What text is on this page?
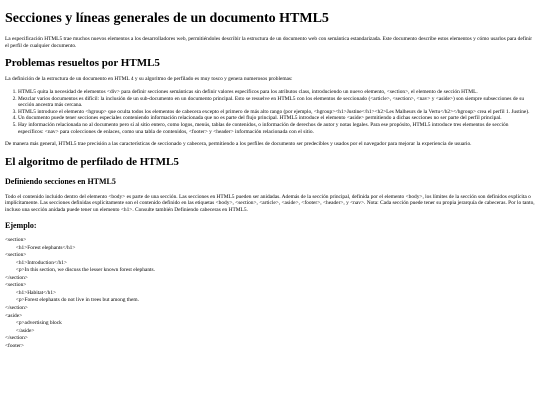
Secciones y líneas generales de un documento HTML5

La especificación HTML5 trae muchos nuevos elementos a los desarrolladores web, permitiéndoles describir la estructura de un documento web con semántica estandarizada. Este documento describe estos elementos y cómo usarlos para definir el perfil de cualquier documento.

Problemas resueltos por HTML5

La definición de la estructura de un documento en HTML 4 y su algoritmo de perfilado es muy tosco y genera numerosos problemas:

1. HTML5 quita la necesidad de elementos <div> para definir secciones semánticas sin definir valores específicos para los atributos class, introduciendo un nuevo elemento, <section>, el elemento de sección HTML.
2. Mezclar varios documentos es difícil: la inclusión de un sub-documento en un documento principal. Esto se resuelve en HTML5 con los elementos de seccionado (<article>, <section>, <nav> y <aside>) son siempre subsecciones de su sección ancestra más cercana.
3. HTML5 introduce el elemento <hgroup> que oculta todos los elementos de cabecera excepto el primero de más alto rango (por ejemplo, <hgroup><h1>Justine</h1><h2>Les Malheurs de la Vertu</h2></hgroup> crea el perfil 1. Justine).
4. Un documento puede tener secciones especiales conteniendo información relacionada que no es parte del flujo principal. HTML5 introduce el elemento <aside> permitiendo a dichas secciones no ser parte del perfil principal.
5. Hay información relacionada no al documento pero sí al sitio entero, como logos, menús, tablas de contenidos, o información de derechos de autor y notas legales. Para ese propósito, HTML5 introduce tres elementos de sección específicos: <nav> para colecciones de enlaces, como una tabla de contenidos, <footer> y <header> información relacionada con el sitio.

De manera más general, HTML5 trae precisión a las características de seccionado y cabecera, permitiendo a los perfiles de documento ser predecibles y usados por el navegador para mejorar la experiencia de usuario.

El algoritmo de perfilado de HTML5
Definiendo secciones en HTML5

Todo el contenido incluido dentro del elemento <body> es parte de una sección. Las secciones en HTML5 pueden ser anidadas. Además de la sección principal, definida por el elemento <body>, los límites de la sección son definidos explícita o implícitamente. Las secciones definidas explícitamente son el contenido definido en las etiquetas <body>, <section>, <article>, <aside>, <footer>, <header>, y <nav>. Nota: Cada sección puede tener su propia jerarquía de cabeceras. Por lo tanto, incluso una sección anidada puede tener un elemento <h1>. Consulte también Definiendo cabeceras en HTML5.

Ejemplo:
<section>
<h1>Forest elephants</h1>
<section>
<h1>Introduction</h1>
<p>In this section, we discuss the lesser known forest elephants.
</section>
<section>
<h1>Habitat</h1>
<p>Forest elephants do not live in trees but among them.
</section>
<aside>
<p>advertising block
</aside>
</section>
<footer>
